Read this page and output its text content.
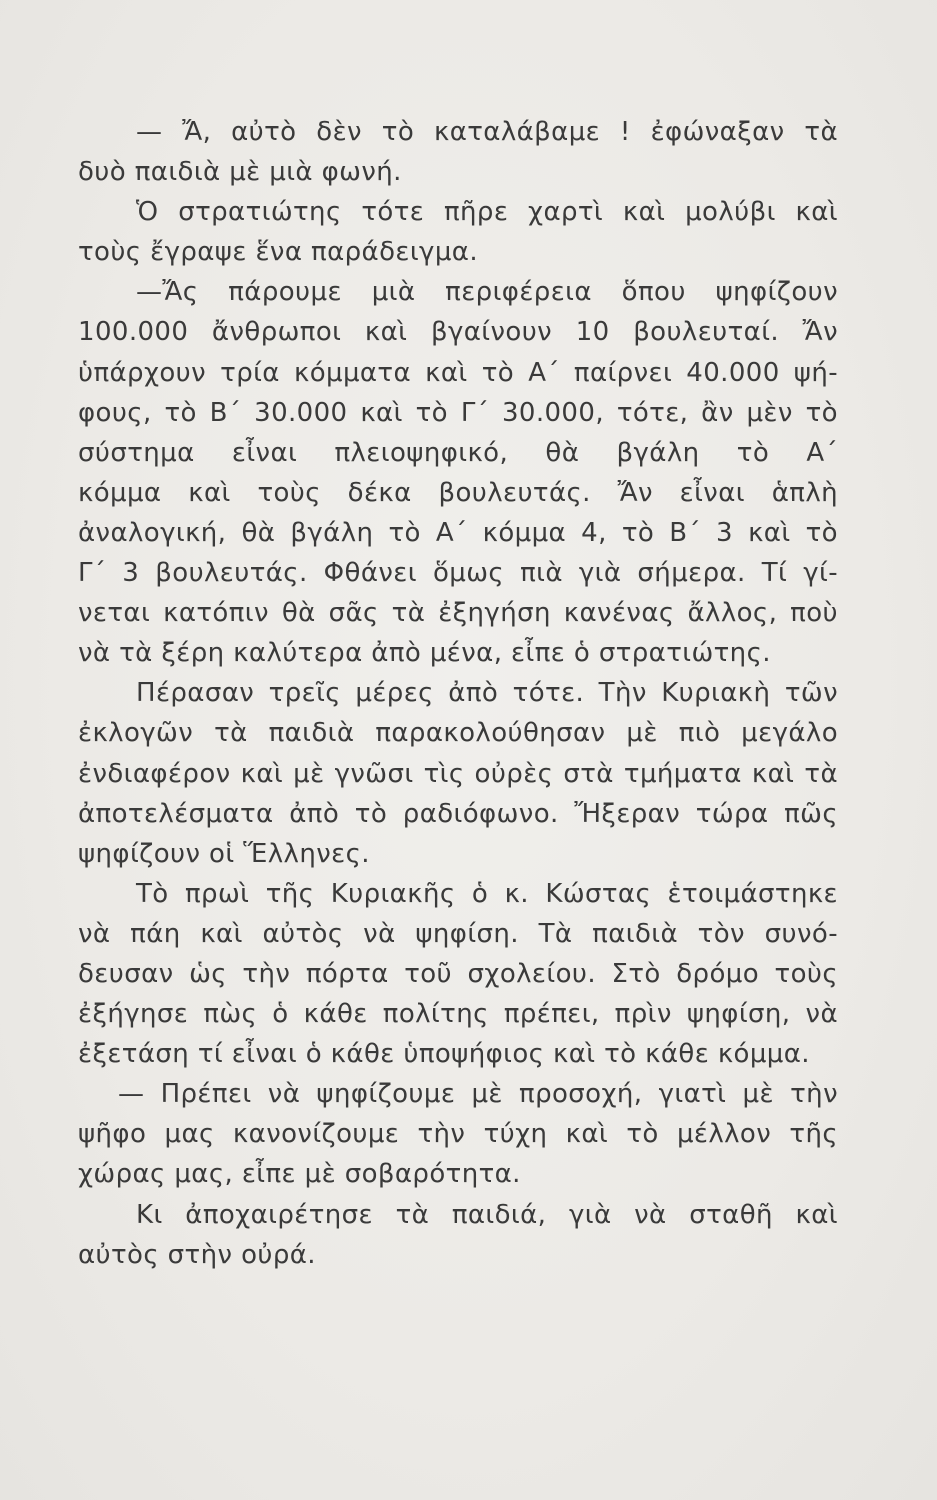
— Ἄ, αὐτὸ δὲν τὸ καταλάβαμε ! ἐφώναξαν τὰ
δυὸ παιδιὰ μὲ μιὰ φωνή.
Ὁ στρατιώτης τότε πῆρε χαρτὶ καὶ μολύβι καὶ
τοὺς ἔγραψε ἕνα παράδειγμα.
—Ἄς πάρουμε μιὰ περιφέρεια ὅπου ψηφίζουν
100.000 ἄνθρωποι καὶ βγαίνουν 10 βουλευταί. Ἄν
ὑπάρχουν τρία κόμματα καὶ τὸ Α΄ παίρνει 40.000 ψή-
φους, τὸ Β΄ 30.000 καὶ τὸ Γ΄ 30.000, τότε, ἂν μὲν τὸ
σύστημα εἶναι πλειοψηφικό, θὰ βγάλη τὸ Α΄
κόμμα καὶ τοὺς δέκα βουλευτάς. Ἄν εἶναι ἁπλὴ
ἀναλογική, θὰ βγάλη τὸ Α΄ κόμμα 4, τὸ Β΄ 3 καὶ τὸ
Γ΄ 3 βουλευτάς. Φθάνει ὅμως πιὰ γιὰ σήμερα. Τί γί-
νεται κατόπιν θὰ σᾶς τὰ ἐξηγήση κανένας ἄλλος, ποὺ
νὰ τὰ ξέρη καλύτερα ἀπὸ μένα, εἶπε ὁ στρατιώτης.
Πέρασαν τρεῖς μέρες ἀπὸ τότε. Τὴν Κυριακὴ τῶν
ἐκλογῶν τὰ παιδιὰ παρακολούθησαν μὲ πιὸ μεγάλο
ἐνδιαφέρον καὶ μὲ γνῶσι τὶς οὐρὲς στὰ τμήματα καὶ τὰ
ἀποτελέσματα ἀπὸ τὸ ραδιόφωνο. Ἤξεραν τώρα πῶς
ψηφίζουν οἱ Ἕλληνες.
Τὸ πρωὶ τῆς Κυριακῆς ὁ κ. Κώστας ἑτοιμάστηκε
νὰ πάη καὶ αὐτὸς νὰ ψηφίση. Τὰ παιδιὰ τὸν συνό-
δευσαν ὡς τὴν πόρτα τοῦ σχολείου. Στὸ δρόμο τοὺς
ἐξήγησε πὼς ὁ κάθε πολίτης πρέπει, πρὶν ψηφίση, νὰ
ἐξετάση τί εἶναι ὁ κάθε ὑποψήφιος καὶ τὸ κάθε κόμμα.
— Πρέπει νὰ ψηφίζουμε μὲ προσοχή, γιατὶ μὲ τὴν
ψῆφο μας κανονίζουμε τὴν τύχη καὶ τὸ μέλλον τῆς
χώρας μας, εἶπε μὲ σοβαρότητα.
Κι ἀποχαιρέτησε τὰ παιδιά, γιὰ νὰ σταθῆ καὶ
αὐτὸς στὴν οὐρά.
